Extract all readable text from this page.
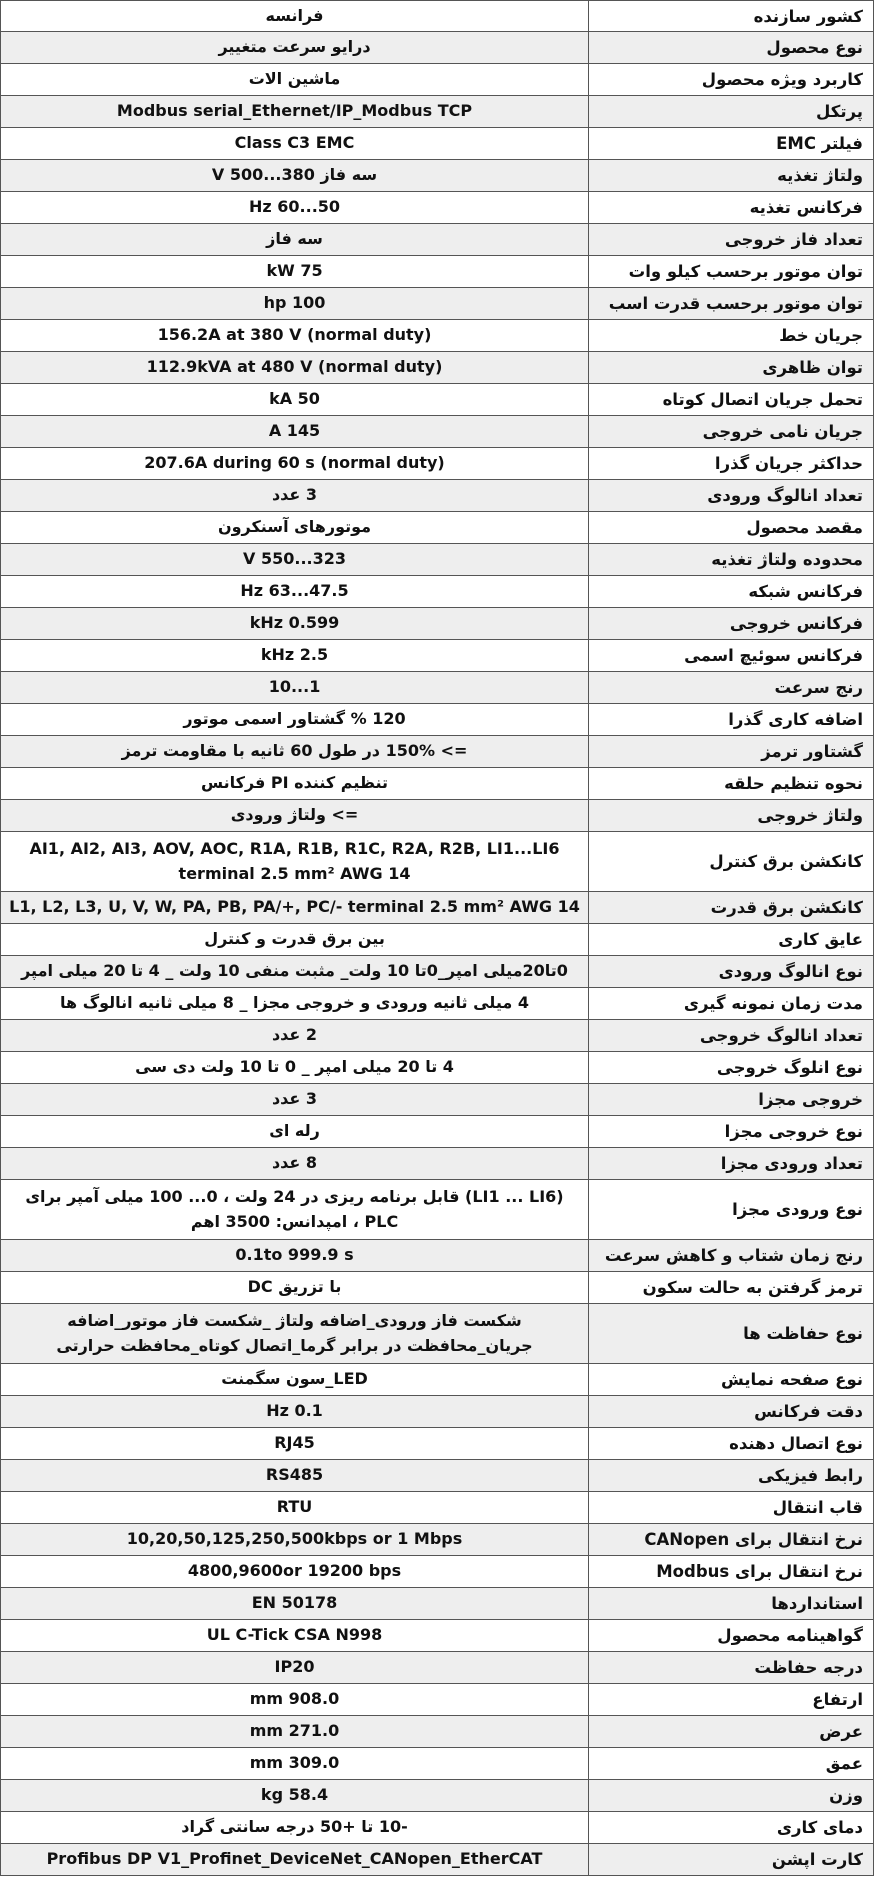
کشور سازنده
فرانسه
نوع محصول
درایو سرعت متغییر
کاربرد ویژه محصول
ماشین الات
پرتکل
Modbus serial_Ethernet/IP_Modbus TCP
فیلتر EMC
Class C3 EMC
ولتاژ تغذیه
سه فاز 380...500 V
فرکانس تغذیه
50...60 Hz
تعداد فاز خروجی
سه فاز
توان موتور برحسب کیلو وات
75 kW
توان موتور برحسب قدرت اسب
100 hp
جریان خط
156.2A at 380 V (normal duty)
توان ظاهری
112.9kVA at 480 V (normal duty)
تحمل جریان اتصال کوتاه
50 kA
جریان نامی خروجی
145 A
حداکثر جریان گذرا
207.6A during 60 s (normal duty)
تعداد انالوگ ورودی
3 عدد
مقصد محصول
موتورهای آسنکرون
محدوده ولتاژ تغذیه
323...550 V
فرکانس شبکه
47.5...63 Hz
فرکانس خروجی
0.599 kHz
فرکانس سوئیچ اسمی
2.5 kHz
رنج سرعت
1...10
اضافه کاری گذرا
120 % گشتاور اسمی موتور
گشتاور ترمز
=> 150% در طول 60 ثانیه با مقاومت ترمز
نحوه تنظیم حلقه
تنظیم کننده PI فرکانس
ولتاژ خروجی
=> ولتاژ ورودی
کانکشن برق کنترل
AI1, AI2, AI3, AOV, AOC, R1A, R1B, R1C, R2A, R2B, LI1...LI6 terminal 2.5 mm² AWG 14
کانکشن برق قدرت
L1, L2, L3, U, V, W, PA, PB, PA/+, PC/- terminal 2.5 mm² AWG 14
عایق کاری
بین برق قدرت و کنترل
نوع انالوگ ورودی
0تا20میلی امپر_0تا 10 ولت_ مثبت منفی 10 ولت _ 4 تا 20 میلی امپر
مدت زمان نمونه گیری
4 میلی ثانیه ورودی و خروجی مجزا _ 8 میلی ثانیه انالوگ ها
تعداد انالوگ خروجی
2 عدد
نوع انلوگ خروجی
4 تا 20 میلی امپر _ 0 تا 10 ولت دی سی
خروجی مجزا
3 عدد
نوع خروجی مجزا
رله ای
تعداد ورودی مجزا
8 عدد
نوع ورودی مجزا
(LI1 ... LI6) قابل برنامه ریزی در 24 ولت ، 0... 100 میلی آمپر برای PLC ، امپدانس: 3500 اهم
رنج زمان شتاب و کاهش سرعت
0.1to 999.9 s
ترمز گرفتن به حالت سکون
با تزریق DC
نوع حفاظت ها
شکست فاز ورودی_اضافه ولتاژ _شکست فاز موتور_اضافه جریان_محافظت در برابر گرما_اتصال کوتاه_محافظت حرارتی
نوع صفحه نمایش
LED_سون سگمنت
دقت فرکانس
0.1 Hz
نوع اتصال دهنده
RJ45
رابط فیزیکی
RS485
قاب انتقال
RTU
نرخ انتقال برای CANopen
10,20,50,125,250,500kbps or 1 Mbps
نرخ انتقال برای Modbus
4800,9600or 19200 bps
استانداردها
EN 50178
گواهینامه محصول
UL C-Tick CSA N998
درجه حفاظت
IP20
ارتفاع
908.0 mm
عرض
271.0 mm
عمق
309.0 mm
وزن
58.4 kg
دمای کاری
-10 تا +50 درجه سانتی گراد
کارت اپشن
Profibus DP V1_Profinet_DeviceNet_CANopen_EtherCAT
